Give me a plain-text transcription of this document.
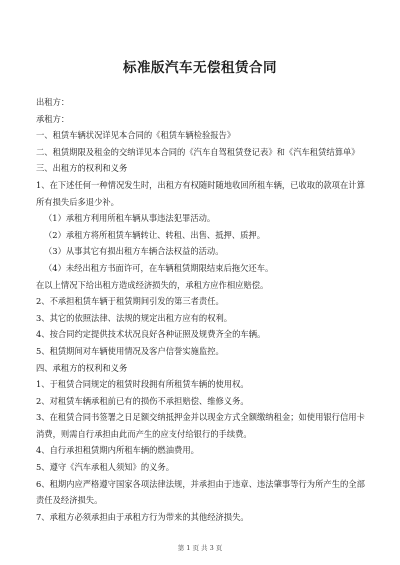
标准版汽车无偿租赁合同

出租方：

承租方：

一、租赁车辆状况详见本合同的《租赁车辆检验报告》

二、租赁期限及租金的交纳详见本合同的《汽车自驾租赁登记表》和《汽车租赁结算单》

三、出租方的权利和义务

1、在下述任何一种情况发生时，出租方有权随时随地收回所租车辆，已收取的款项在计算所有损失后多退少补。

（1）承租方利用所租车辆从事违法犯罪活动。

（2）承租方将所租赁车辆转让、转租、出售、抵押、质押。

（3）从事其它有损出租方车辆合法权益的活动。

（4）未经出租方书面许可，在车辆租赁期限结束后拖欠还车。

在以上情况下给出租方造成经济损失的，承租方应作相应赔偿。

2、不承担租赁车辆于租赁期间引发的第三者责任。

3、其它的依照法律、法规的规定出租方应有的权利。

4、按合同约定提供技术状况良好各种证照及规费齐全的车辆。

5、租赁期间对车辆使用情况及客户信誉实施监控。

四、承租方的权利和义务

1、于租赁合同规定的租赁时段拥有所租赁车辆的使用权。

2、对租赁车辆承租前已有的损伤不承担赔偿、维修义务。

3、在租赁合同书签署之日足额交纳抵押金并以现金方式全额缴纳租金；如使用银行信用卡消费，则需自行承担由此而产生的应支付给银行的手续费。

4、自行承担租赁期内所租车辆的燃油费用。

5、遵守《汽车承租人须知》的义务。

6、租期内应严格遵守国家各项法律法规，并承担由于违章、违法肇事等行为所产生的全部责任及经济损失。

7、承租方必须承担由于承租方行为带来的其他经济损失。

第 1 页 共 3 页
